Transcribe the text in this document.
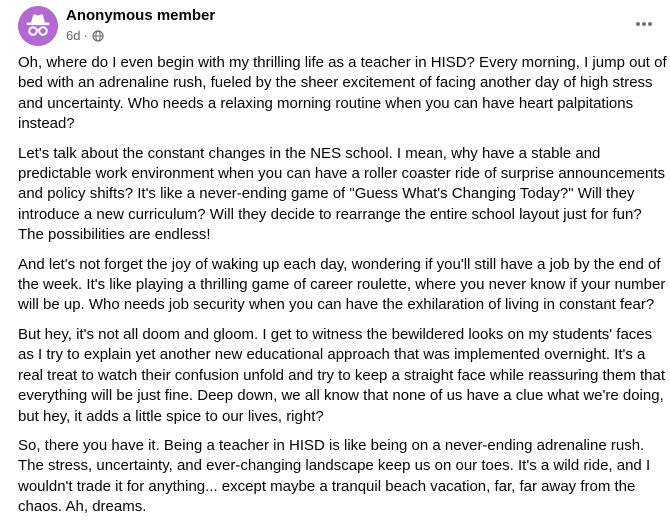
Anonymous member
6d ·

Oh, where do I even begin with my thrilling life as a teacher in HISD? Every morning, I jump out of bed with an adrenaline rush, fueled by the sheer excitement of facing another day of high stress and uncertainty. Who needs a relaxing morning routine when you can have heart palpitations instead?

Let's talk about the constant changes in the NES school. I mean, why have a stable and predictable work environment when you can have a roller coaster ride of surprise announcements and policy shifts? It's like a never-ending game of "Guess What's Changing Today?" Will they introduce a new curriculum? Will they decide to rearrange the entire school layout just for fun? The possibilities are endless!

And let's not forget the joy of waking up each day, wondering if you'll still have a job by the end of the week. It's like playing a thrilling game of career roulette, where you never know if your number will be up. Who needs job security when you can have the exhilaration of living in constant fear?

But hey, it's not all doom and gloom. I get to witness the bewildered looks on my students' faces as I try to explain yet another new educational approach that was implemented overnight. It's a real treat to watch their confusion unfold and try to keep a straight face while reassuring them that everything will be just fine. Deep down, we all know that none of us have a clue what we're doing, but hey, it adds a little spice to our lives, right?

So, there you have it. Being a teacher in HISD is like being on a never-ending adrenaline rush. The stress, uncertainty, and ever-changing landscape keep us on our toes. It's a wild ride, and I wouldn't trade it for anything... except maybe a tranquil beach vacation, far, far away from the chaos. Ah, dreams.
